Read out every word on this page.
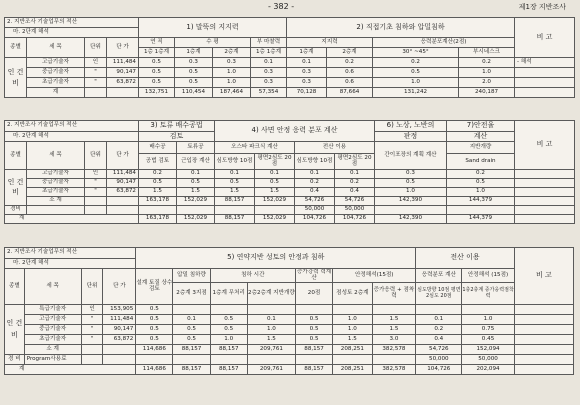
- 382 -	제1장 지반조사
2. 지반조사 기술업무의 적산				1) 말뚝의 지지력				2) 직접기초 침하와 압밀침하				비 고
마. 2단계 해석												
종별	세 목	단위	단 가	연 직	수 평		부 마찰력	지지력		응력분포계산(2점)		
				1층 1층계	1층계	2층계	1층 1층계	1층계	2층계	30° ~45°	부시네스크	
인 건 비	고급기술자	인	111,484	0.5	0.3	0.3	0.1	0.1	0.2	0.2	0.2	- 해석
	중급기술자	"	90,147	0.5	0.5	1.0	0.3	0.3	0.6	0.5	1.0	
	초급기술자	"	63,872	0.5	0.5	1.0	0.3	0.3	0.6	1.0	2.0	
	계			132,751	110,454	187,464	57,354	70,128	87,664	131,242	240,187	
2. 지반조사 기술업무의 적산				3) 토류 배수공법		4) 사면 안정 응력 분포 계산				6) 노상, 노반의	7)안전율	비 고
마. 2단계 해석				검토						판정	계산	
종별	세 목	단위	단 가	배수공	토류공	오스타 파크식 계산		전산 이용		간이포장의 계획 계산	지반개량	
				공법 검토	근입장 계산	심도방향 10점	평면2심도 20점	심도방향 10점	평면2심도 20점		Sand drain	
인 건 비	고급기술자	인	111,484	0.2	0.1	0.1	0.1	0.1	0.1	0.3	0.2	
	중급기술자	"	90,147	0.5	0.5	0.5	0.5	0.2	0.2	0.5	0.5	
	초급기술자	"	63,872	1.5	1.5	1.5	1.5	0.4	0.4	1.0	1.0	
	소 계			163,178	152,029	88,157	152,029	54,726	54,726	142,390	144,379	
경비								50,000	50,000			
계				163,178	152,029	88,157	152,029	104,726	104,726	142,390	144,379	
2. 지반조사 기술업무의 적산				5) 연약지반 성토의 안정과 침하							전산 이용		비 고
마. 2단계 해석													
종별	세 목	단위	단 가	설계 토질 상수 검토	압밀 침하량	침하 시간		증가강력 력계산	안정해석(15점)		응력분포 계산	안정해석 (15점)	
					2층계 3지점	1층계 무처리	2층2층계 지반개량	20점	점성토 2층계	증가응력 + 점착력	심도방향 10점 평면2심도 20점	1층2층계 증가응력점착력	
인 건 비	특급기술자	인	153,905	0.5									
	고급기술자	"	111,484	0.5	0.1	0.5	0.1	0.5	1.0	1.5	0.1	1.0	
	중급기술자	"	90,147	0.5	0.5	0.5	1.0	0.5	1.0	1.5	0.2	0.75	
	초급기술자	"	63,872	0.5	0.5	1.0	1.5	0.5	1.5	3.0	0.4	0.45	
	소 계			114,686	88,157	88,157	209,761	88,157	208,251	382,578	54,726	152,094	
경 비	Program사용료										50,000	50,000	
계				114,686	88,157	88,157	209,761	88,157	208,251	382,578	104,726	202,094	
